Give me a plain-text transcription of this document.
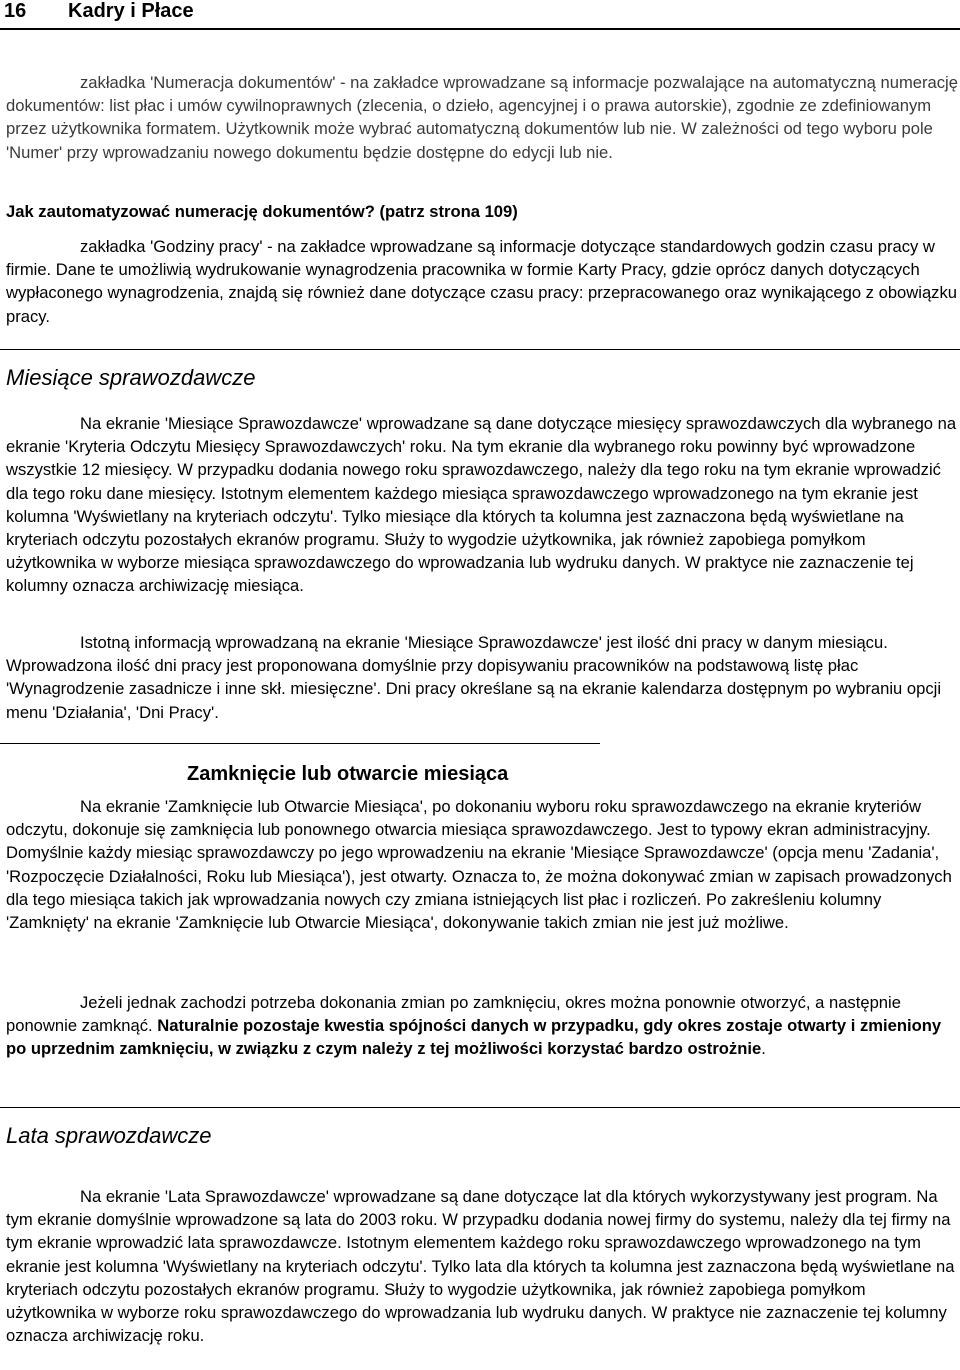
16 Kadry i Płace

zakładka 'Numeracja dokumentów' - na zakładce wprowadzane są informacje pozwalające na automatyczną numerację dokumentów: list płac i umów cywilnoprawnych (zlecenia, o dzieło, agencyjnej i o prawa autorskie), zgodnie ze zdefiniowanym przez użytkownika formatem. Użytkownik może wybrać automatyczną dokumentów lub nie. W zależności od tego wyboru pole 'Numer' przy wprowadzaniu nowego dokumentu będzie dostępne do edycji lub nie.

Jak zautomatyzować numerację dokumentów? (patrz strona 109)

zakładka 'Godziny pracy' - na zakładce wprowadzane są informacje dotyczące standardowych godzin czasu pracy w firmie. Dane te umożliwią wydrukowanie wynagrodzenia pracownika w formie Karty Pracy, gdzie oprócz danych dotyczących wypłaconego wynagrodzenia, znajdą się również dane dotyczące czasu pracy: przepracowanego oraz wynikającego z obowiązku pracy.

Miesiące sprawozdawcze

Na ekranie 'Miesiące Sprawozdawcze' wprowadzane są dane dotyczące miesięcy sprawozdawczych dla wybranego na ekranie 'Kryteria Odczytu Miesięcy Sprawozdawczych' roku. Na tym ekranie dla wybranego roku powinny być wprowadzone wszystkie 12 miesięcy. W przypadku dodania nowego roku sprawozdawczego, należy dla tego roku na tym ekranie wprowadzić dla tego roku dane miesięcy. Istotnym elementem każdego miesiąca sprawozdawczego wprowadzonego na tym ekranie jest kolumna 'Wyświetlany na kryteriach odczytu'. Tylko miesiące dla których ta kolumna jest zaznaczona będą wyświetlane na kryteriach odczytu pozostałych ekranów programu. Służy to wygodzie użytkownika, jak również zapobiega pomyłkom użytkownika w wyborze miesiąca sprawozdawczego do wprowadzania lub wydruku danych. W praktyce nie zaznaczenie tej kolumny oznacza archiwizację miesiąca.

Istotną informacją wprowadzaną na ekranie 'Miesiące Sprawozdawcze' jest ilość dni pracy w danym miesiącu. Wprowadzona ilość dni pracy jest proponowana domyślnie przy dopisywaniu pracowników na podstawową listę płac 'Wynagrodzenie zasadnicze i inne skł. miesięczne'. Dni pracy określane są na ekranie kalendarza dostępnym po wybraniu opcji menu 'Działania', 'Dni Pracy'.

Zamknięcie lub otwarcie miesiąca

Na ekranie 'Zamknięcie lub Otwarcie Miesiąca', po dokonaniu wyboru roku sprawozdawczego na ekranie kryteriów odczytu, dokonuje się zamknięcia lub ponownego otwarcia miesiąca sprawozdawczego. Jest to typowy ekran administracyjny. Domyślnie każdy miesiąc sprawozdawczy po jego wprowadzeniu na ekranie 'Miesiące Sprawozdawcze' (opcja menu 'Zadania', 'Rozpoczęcie Działalności, Roku lub Miesiąca'), jest otwarty. Oznacza to, że można dokonywać zmian w zapisach prowadzonych dla tego miesiąca takich jak wprowadzania nowych czy zmiana istniejących list płac i rozliczeń. Po zakreśleniu kolumny 'Zamknięty' na ekranie 'Zamknięcie lub Otwarcie Miesiąca', dokonywanie takich zmian nie jest już możliwe.

Jeżeli jednak zachodzi potrzeba dokonania zmian po zamknięciu, okres można ponownie otworzyć, a następnie ponownie zamknąć. Naturalnie pozostaje kwestia spójności danych w przypadku, gdy okres zostaje otwarty i zmieniony po uprzednim zamknięciu, w związku z czym należy z tej możliwości korzystać bardzo ostrożnie.

Lata sprawozdawcze

Na ekranie 'Lata Sprawozdawcze' wprowadzane są dane dotyczące lat dla których wykorzystywany jest program. Na tym ekranie domyślnie wprowadzone są lata do 2003 roku. W przypadku dodania nowej firmy do systemu, należy dla tej firmy na tym ekranie wprowadzić lata sprawozdawcze. Istotnym elementem każdego roku sprawozdawczego wprowadzonego na tym ekranie jest kolumna 'Wyświetlany na kryteriach odczytu'. Tylko lata dla których ta kolumna jest zaznaczona będą wyświetlane na kryteriach odczytu pozostałych ekranów programu. Służy to wygodzie użytkownika, jak również zapobiega pomyłkom użytkownika w wyborze roku sprawozdawczego do wprowadzania lub wydruku danych. W praktyce nie zaznaczenie tej kolumny oznacza archiwizację roku.
